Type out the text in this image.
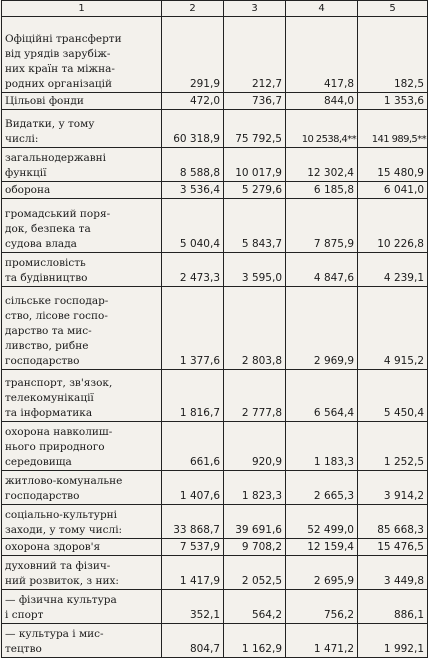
1	2	3	4	5
Офіційні трансферти
від урядів зарубіж-
них країн та міжна-
родних організацій	291,9	212,7	417,8	182,5
Цільові фонди	472,0	736,7	844,0	1 353,6
Видатки, у тому
числі:	60 318,9	75 792,5	10 2538,4**	141 989,5**
загальнодержавні
функції	8 588,8	10 017,9	12 302,4	15 480,9
оборона	3 536,4	5 279,6	6 185,8	6 041,0
громадський поря-
док, безпека та
судова влада	5 040,4	5 843,7	7 875,9	10 226,8
промисловість
та будівництво	2 473,3	3 595,0	4 847,6	4 239,1
сільське господар-
ство, лісове госпо-
дарство та мис-
ливство, рибне
господарство	1 377,6	2 803,8	2 969,9	4 915,2
транспорт, зв'язок,
телекомунікації
та інформатика	1 816,7	2 777,8	6 564,4	5 450,4
охорона навколиш-
нього природного
середовища	661,6	920,9	1 183,3	1 252,5
житлово-комунальне
господарство	1 407,6	1 823,3	2 665,3	3 914,2
соціально-культурні
заходи, у тому числі:	33 868,7	39 691,6	52 499,0	85 668,3
охорона здоров'я	7 537,9	9 708,2	12 159,4	15 476,5
духовний та фізич-
ний розвиток, з них:	1 417,9	2 052,5	2 695,9	3 449,8
— фізична культура
і спорт	352,1	564,2	756,2	886,1
— культура і мис-
тецтво	804,7	1 162,9	1 471,2	1 992,1
